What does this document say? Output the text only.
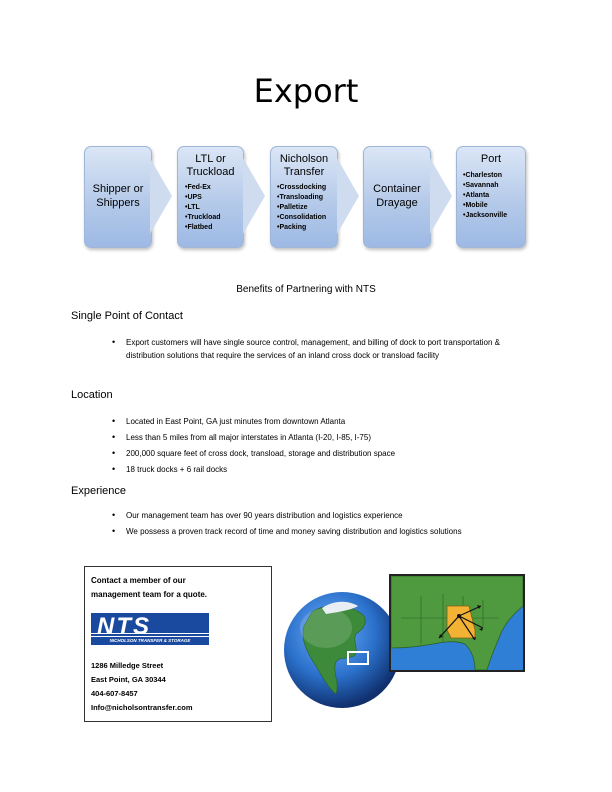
Export
Shipper or
Shippers
LTL or
Truckload
• Fed-Ex
• UPS
• LTL
• Truckload
• Flatbed
Nicholson
Transfer
• Crossdocking
• Transloading
• Palletize
• Consolidation
• Packing
Container
Drayage
Port
• Charleston
• Savannah
• Atlanta
• Mobile
• Jacksonville
Benefits of Partnering with NTS
Single Point of Contact
• Export customers will have single source control, management, and billing of dock to port transportation & distribution solutions that require the services of an inland cross dock or transload facility
Location
• Located in East Point, GA just minutes from downtown Atlanta
• Less than 5 miles from all major interstates in Atlanta (I-20, I-85, I-75)
• 200,000 square feet of cross dock, transload, storage and distribution space
• 18 truck docks + 6 rail docks
Experience
• Our management team has over 90 years distribution and logistics experience
• We possess a proven track record of time and money saving distribution and logistics solutions
Contact a member of our
management team for a quote.
NTS
NICHOLSON TRANSFER & STORAGE
1286 Milledge Street
East Point, GA 30344
404-607-8457
Info@nicholsontransfer.com
